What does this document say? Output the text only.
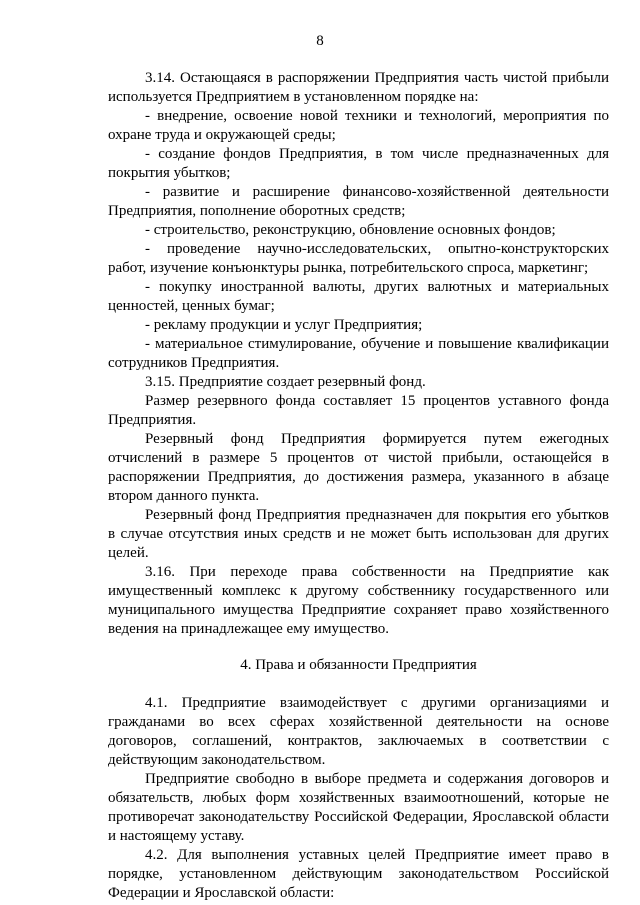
8

3.14. Остающаяся в распоряжении Предприятия часть чистой прибыли используется Предприятием в установленном порядке на:

- внедрение, освоение новой техники и технологий, мероприятия по охране труда и окружающей среды;

- создание фондов Предприятия, в том числе предназначенных для покрытия убытков;

- развитие и расширение финансово-хозяйственной деятельности Предприятия, пополнение оборотных средств;

- строительство, реконструкцию, обновление основных фондов;

- проведение научно-исследовательских, опытно-конструкторских работ, изучение конъюнктуры рынка, потребительского спроса, маркетинг;

- покупку иностранной валюты, других валютных и материальных ценностей, ценных бумаг;

- рекламу продукции и услуг Предприятия;

- материальное стимулирование, обучение и повышение квалификации сотрудников Предприятия.

3.15. Предприятие создает резервный фонд.

Размер резервного фонда составляет 15 процентов уставного фонда Предприятия.

Резервный фонд Предприятия формируется путем ежегодных отчислений в размере 5 процентов от чистой прибыли, остающейся в распоряжении Предприятия, до достижения размера, указанного в абзаце втором данного пункта.

Резервный фонд Предприятия предназначен для покрытия его убытков в случае отсутствия иных средств и не может быть использован для других целей.

3.16. При переходе права собственности на Предприятие как имущественный комплекс к другому собственнику государственного или муниципального имущества Предприятие сохраняет право хозяйственного ведения на принадлежащее ему имущество.

4. Права и обязанности Предприятия

4.1. Предприятие взаимодействует с другими организациями и гражданами во всех сферах хозяйственной деятельности на основе договоров, соглашений, контрактов, заключаемых в соответствии с действующим законодательством.

Предприятие свободно в выборе предмета и содержания договоров и обязательств, любых форм хозяйственных взаимоотношений, которые не противоречат законодательству Российской Федерации, Ярославской области и настоящему уставу.

4.2. Для выполнения уставных целей Предприятие имеет право в порядке, установленном действующим законодательством Российской Федерации и Ярославской области:
